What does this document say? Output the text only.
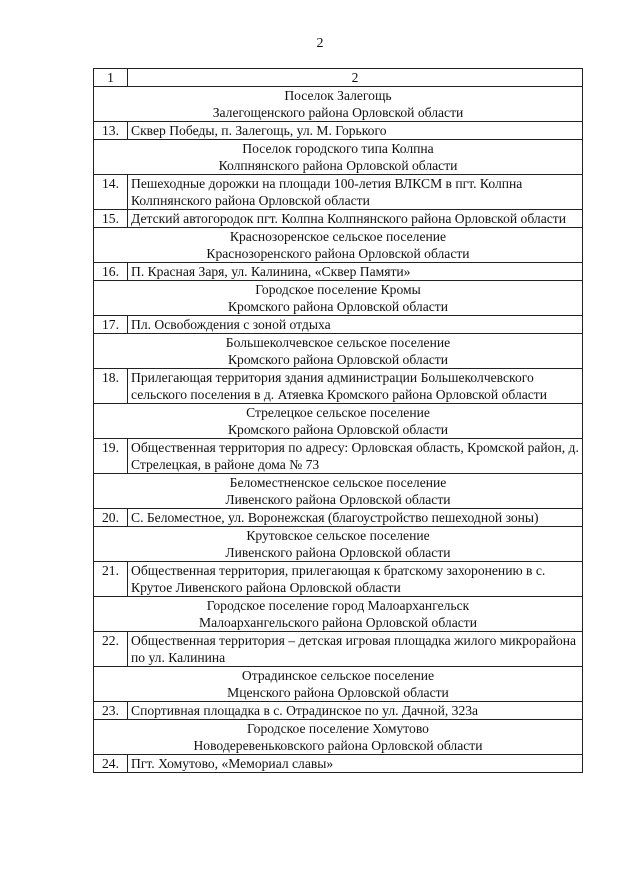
2
1	2

Поселок Залегощь
Залегощенского района Орловской области	

13.	Сквер Победы, п. Залегощь, ул. М. Горького

Поселок городского типа Колпна
Колпнянского района Орловской области	

14.	Пешеходные дорожки на площади 100-летия ВЛКСМ в пгт. Колпна Колпнянского района Орловской области
15.	Детский автогородок пгт. Колпна Колпнянского района Орловской области

Краснозоренское сельское поселение
Краснозоренского района Орловской области	

16.	П. Красная Заря, ул. Калинина, «Сквер Памяти»

Городское поселение Кромы
Кромского района Орловской области	

17.	Пл. Освобождения с зоной отдыха

Большеколчевское сельское поселение
Кромского района Орловской области	

18.	Прилегающая территория здания администрации Большеколчевского сельского поселения в д. Атяевка Кромского района Орловской области

Стрелецкое сельское поселение
Кромского района Орловской области	

19.	Общественная территория по адресу: Орловская область, Кромской район, д. Стрелецкая, в районе дома № 73

Беломестненское сельское поселение
Ливенского района Орловской области	

20.	С. Беломестное, ул. Воронежская (благоустройство пешеходной зоны)

Крутовское сельское поселение
Ливенского района Орловской области	

21.	Общественная территория, прилегающая к братскому захоронению в с. Крутое Ливенского района Орловской области

Городское поселение город Малоархангельск
Малоархангельского района Орловской области	

22.	Общественная территория – детская игровая площадка жилого микрорайона по ул. Калинина

Отрадинское сельское поселение
Мценского района Орловской области	

23.	Спортивная площадка в с. Отрадинское по ул. Дачной, 323а

Городское поселение Хомутово
Новодеревеньковского района Орловской области	

24.	Пгт. Хомутово, «Мемориал славы»
